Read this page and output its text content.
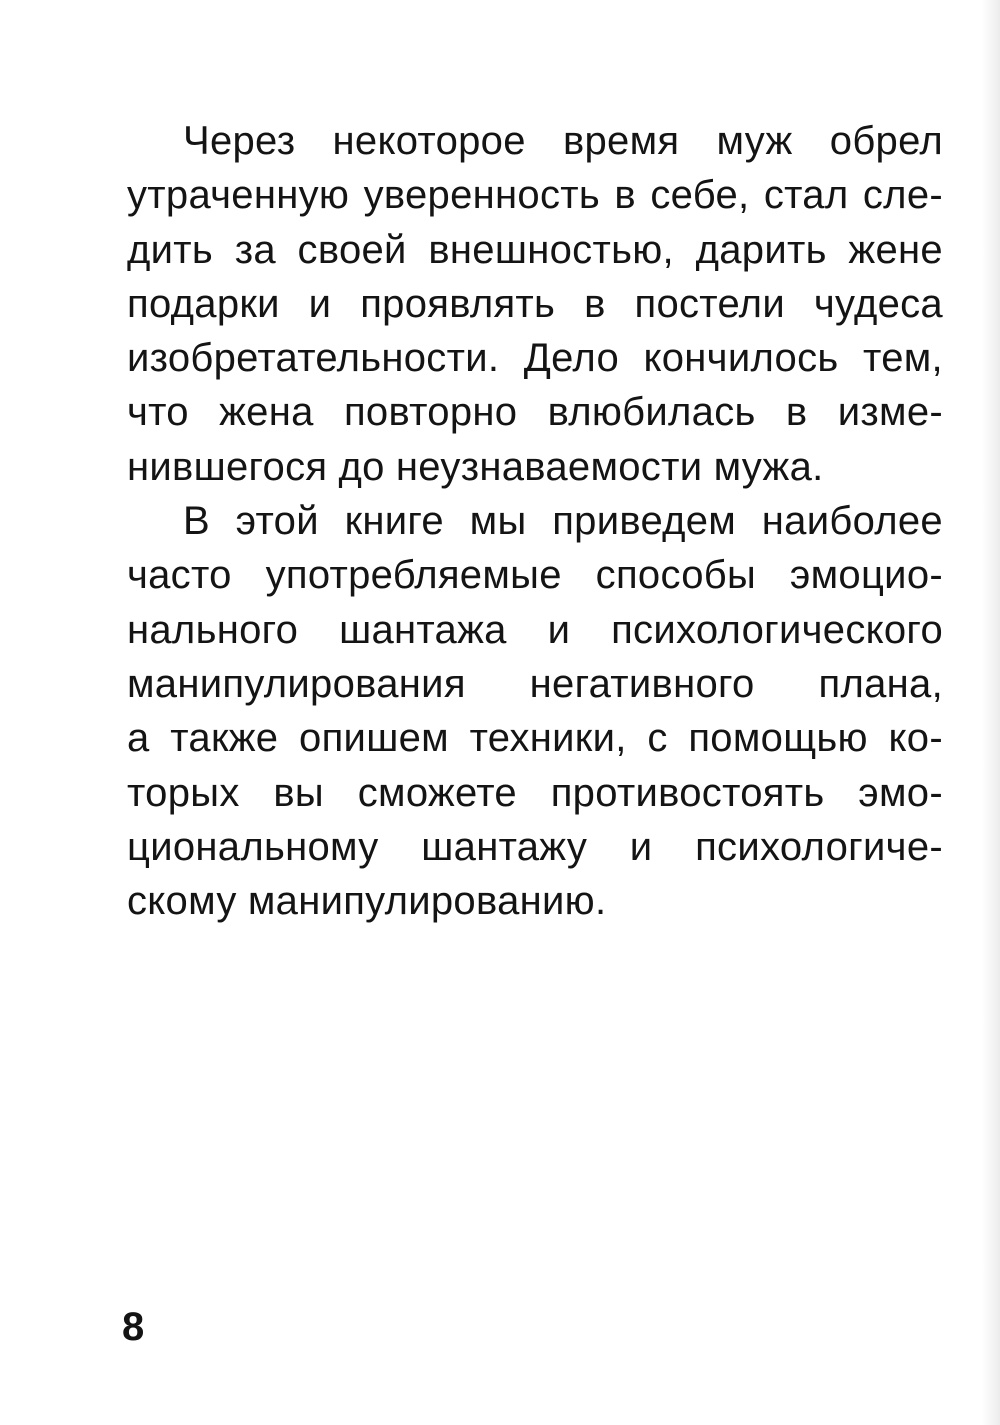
Через некоторое время муж обрел
утраченную уверенность в себе, стал сле-
дить за своей внешностью, дарить жене
подарки и проявлять в постели чудеса
изобретательности. Дело кончилось тем,
что жена повторно влюбилась в изме-
нившегося до неузнаваемости мужа.
В этой книге мы приведем наиболее
часто употребляемые способы эмоцио-
нального шантажа и психологического
манипулирования негативного плана,
а также опишем техники, с помощью ко-
торых вы сможете противостоять эмо-
циональному шантажу и психологиче-
скому манипулированию.
8
